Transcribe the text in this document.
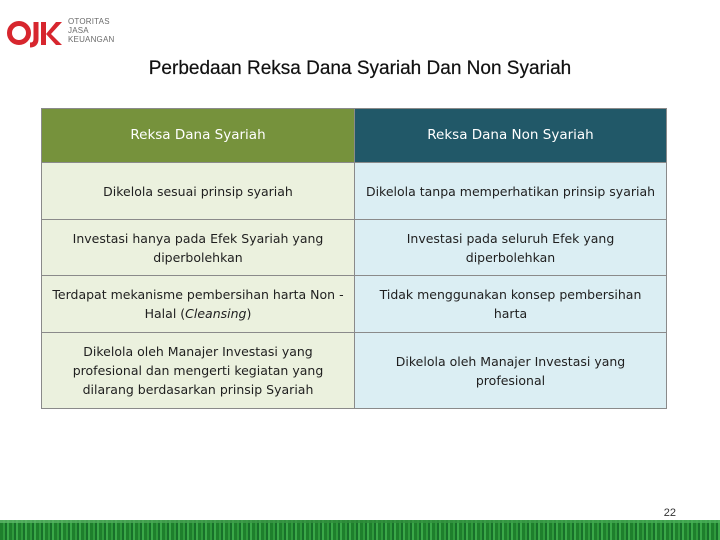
OTORITAS
JASA
KEUANGAN
Perbedaan Reksa Dana Syariah Dan Non Syariah
Reksa Dana Syariah	Reksa Dana Non Syariah
Dikelola sesuai prinsip syariah	Dikelola tanpa memperhatikan prinsip syariah
Investasi hanya pada Efek Syariah yang diperbolehkan	Investasi pada seluruh Efek yang diperbolehkan
Terdapat mekanisme pembersihan harta Non -Halal (Cleansing)	Tidak menggunakan konsep pembersihan harta
Dikelola oleh Manajer Investasi yang profesional dan mengerti kegiatan yang dilarang berdasarkan prinsip Syariah	Dikelola oleh Manajer Investasi yang profesional
22
